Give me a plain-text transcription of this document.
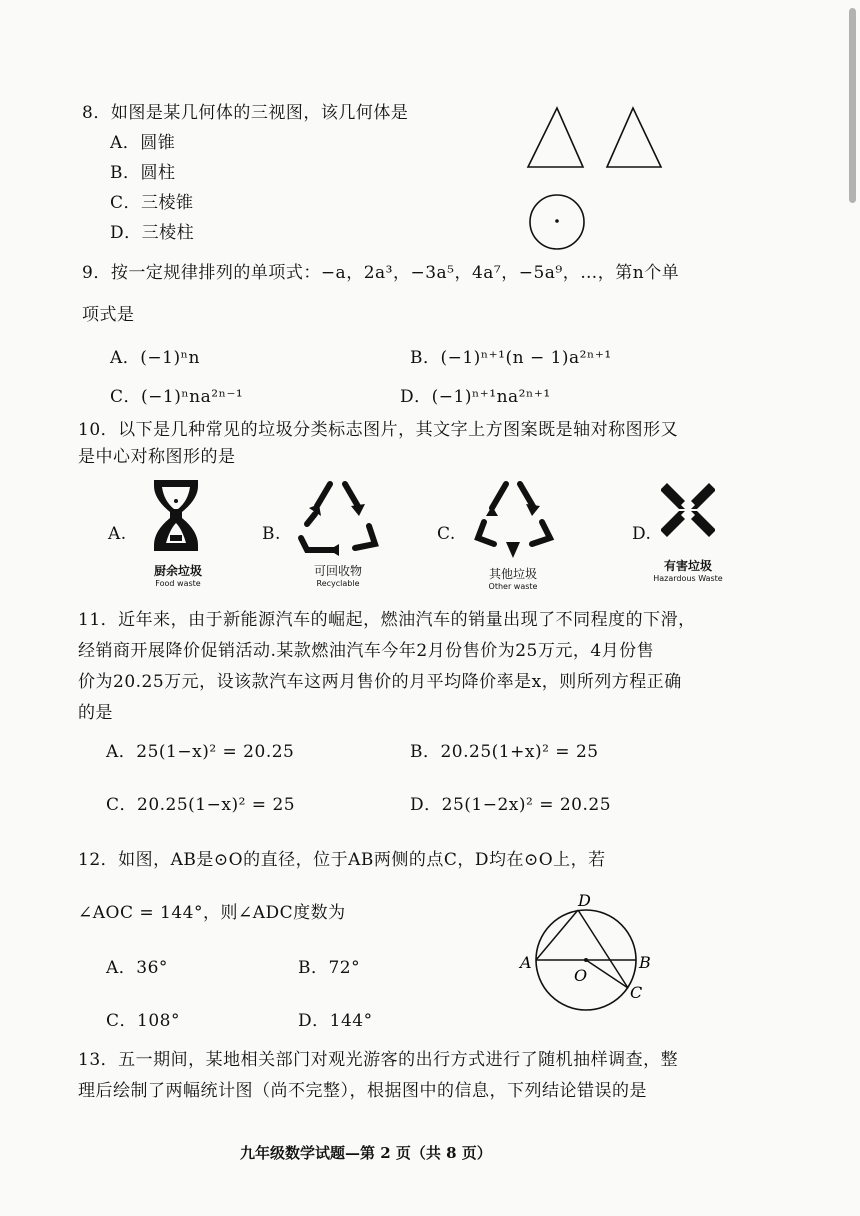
8．如图是某几何体的三视图，该几何体是
A．圆锥
B．圆柱
C．三棱锥
D．三棱柱
9．按一定规律排列的单项式：−a，2a³，−3a⁵，4a⁷，−5a⁹，…，第n个单
项式是
A．(−1)ⁿn	B．(−1)ⁿ⁺¹(n − 1)a²ⁿ⁺¹
C．(−1)ⁿna²ⁿ⁻¹	D．(−1)ⁿ⁺¹na²ⁿ⁺¹
10．以下是几种常见的垃圾分类标志图片，其文字上方图案既是轴对称图形又
是中心对称图形的是
A.
厨余垃圾
Food waste
B.
可回收物
Recyclable
C.
其他垃圾
Other waste
D.
有害垃圾
Hazardous Waste
11．近年来，由于新能源汽车的崛起，燃油汽车的销量出现了不同程度的下滑，
经销商开展降价促销活动.某款燃油汽车今年2月份售价为25万元，4月份售
价为20.25万元，设该款汽车这两月售价的月平均降价率是x，则所列方程正确
的是
A．25(1−x)² = 20.25	B．20.25(1+x)² = 25
C．20.25(1−x)² = 25	D．25(1−2x)² = 20.25
12．如图，AB是⊙O的直径，位于AB两侧的点C，D均在⊙O上，若
∠AOC = 144°，则∠ADC度数为
A．36°	B．72°
C．108°	D．144°
D
A	B
O
C
13．五一期间，某地相关部门对观光游客的出行方式进行了随机抽样调查，整
理后绘制了两幅统计图（尚不完整），根据图中的信息，下列结论错误的是
九年级数学试题—第 2 页（共 8 页）
